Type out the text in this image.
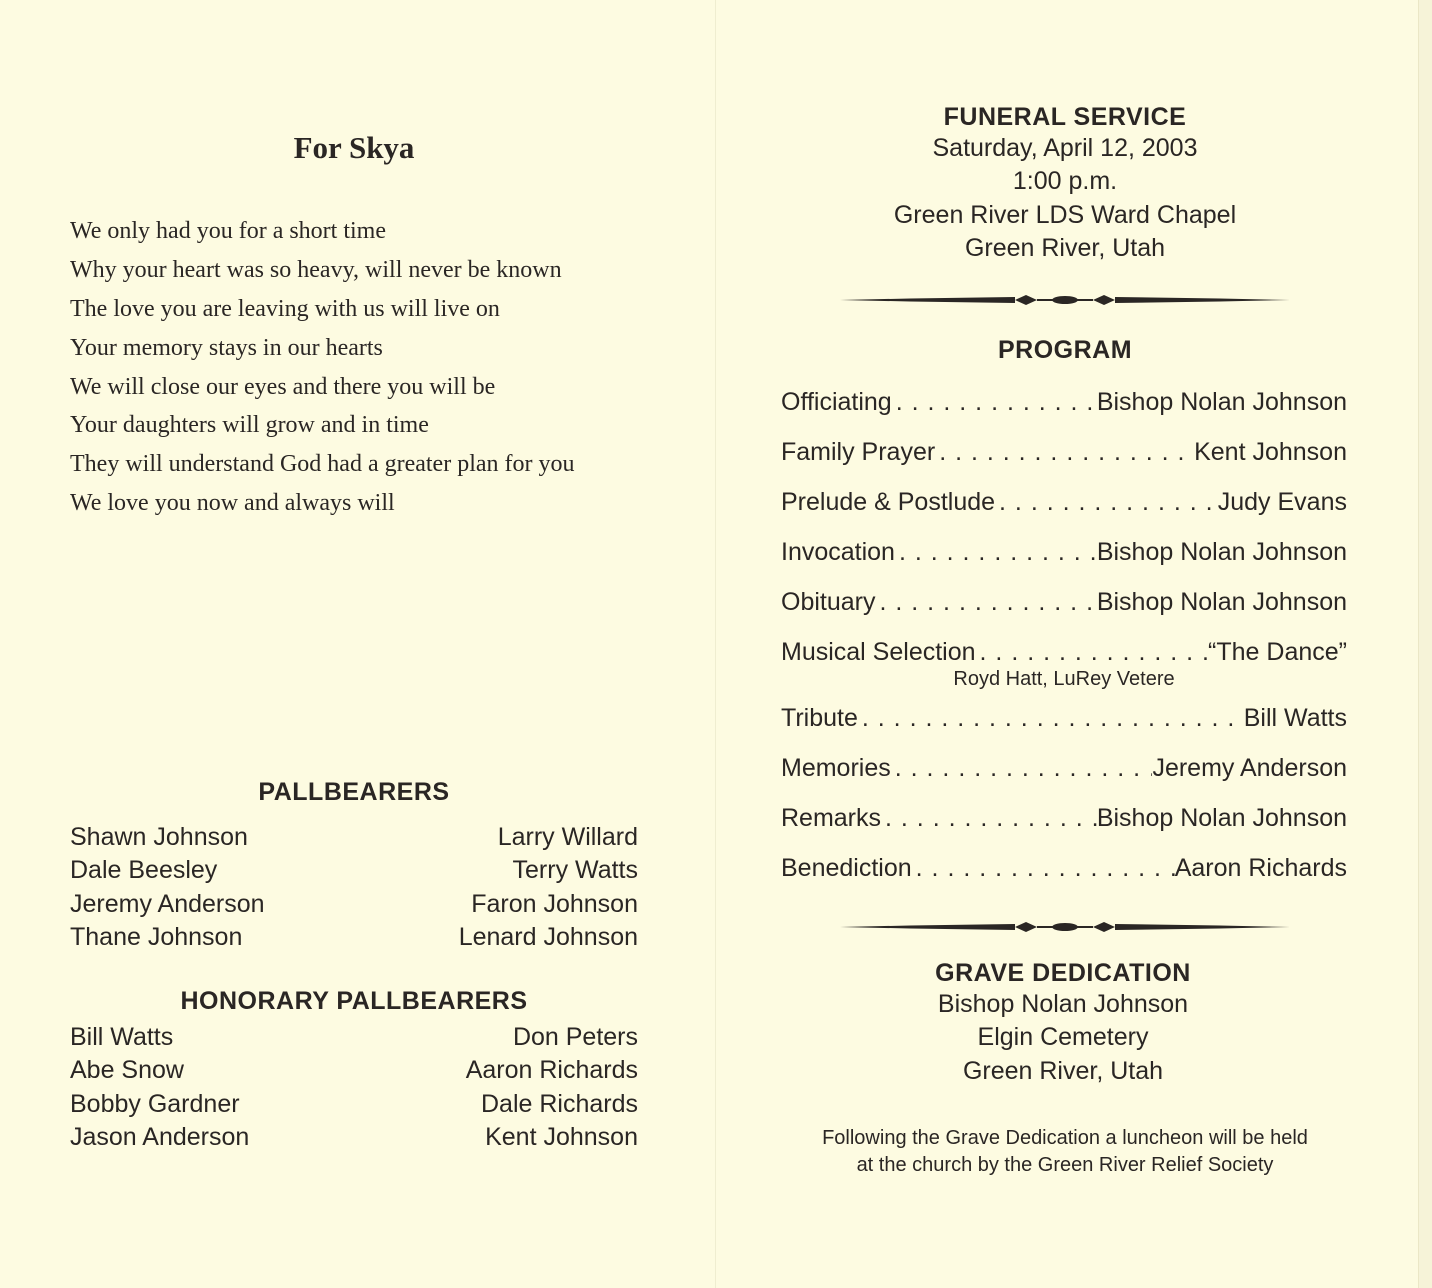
For Skya
We only had you for a short time
Why your heart was so heavy, will never be known
The love you are leaving with us will live on
Your memory stays in our hearts
We will close our eyes and there you will be
Your daughters will grow and in time
They will understand God had a greater plan for you
We love you now and always will
PALLBEARERS
Shawn Johnson	Larry Willard
Dale Beesley	Terry Watts
Jeremy Anderson	Faron Johnson
Thane Johnson	Lenard Johnson
HONORARY PALLBEARERS
Bill Watts	Don Peters
Abe Snow	Aaron Richards
Bobby Gardner	Dale Richards
Jason Anderson	Kent Johnson
FUNERAL SERVICE
Saturday, April 12, 2003
1:00 p.m.
Green River LDS Ward Chapel
Green River, Utah
PROGRAM
Officiating . . .	Bishop Nolan Johnson
Family Prayer . . .	Kent Johnson
Prelude & Postlude . . .	Judy Evans
Invocation . . .	Bishop Nolan Johnson
Obituary . . .	Bishop Nolan Johnson
Musical Selection . . .	“The Dance”
Royd Hatt, LuRey Vetere
Tribute . . .	Bill Watts
Memories . . .	Jeremy Anderson
Remarks . . .	Bishop Nolan Johnson
Benediction . . .	Aaron Richards
GRAVE DEDICATION
Bishop Nolan Johnson
Elgin Cemetery
Green River, Utah
Following the Grave Dedication a luncheon will be held
at the church by the Green River Relief Society
